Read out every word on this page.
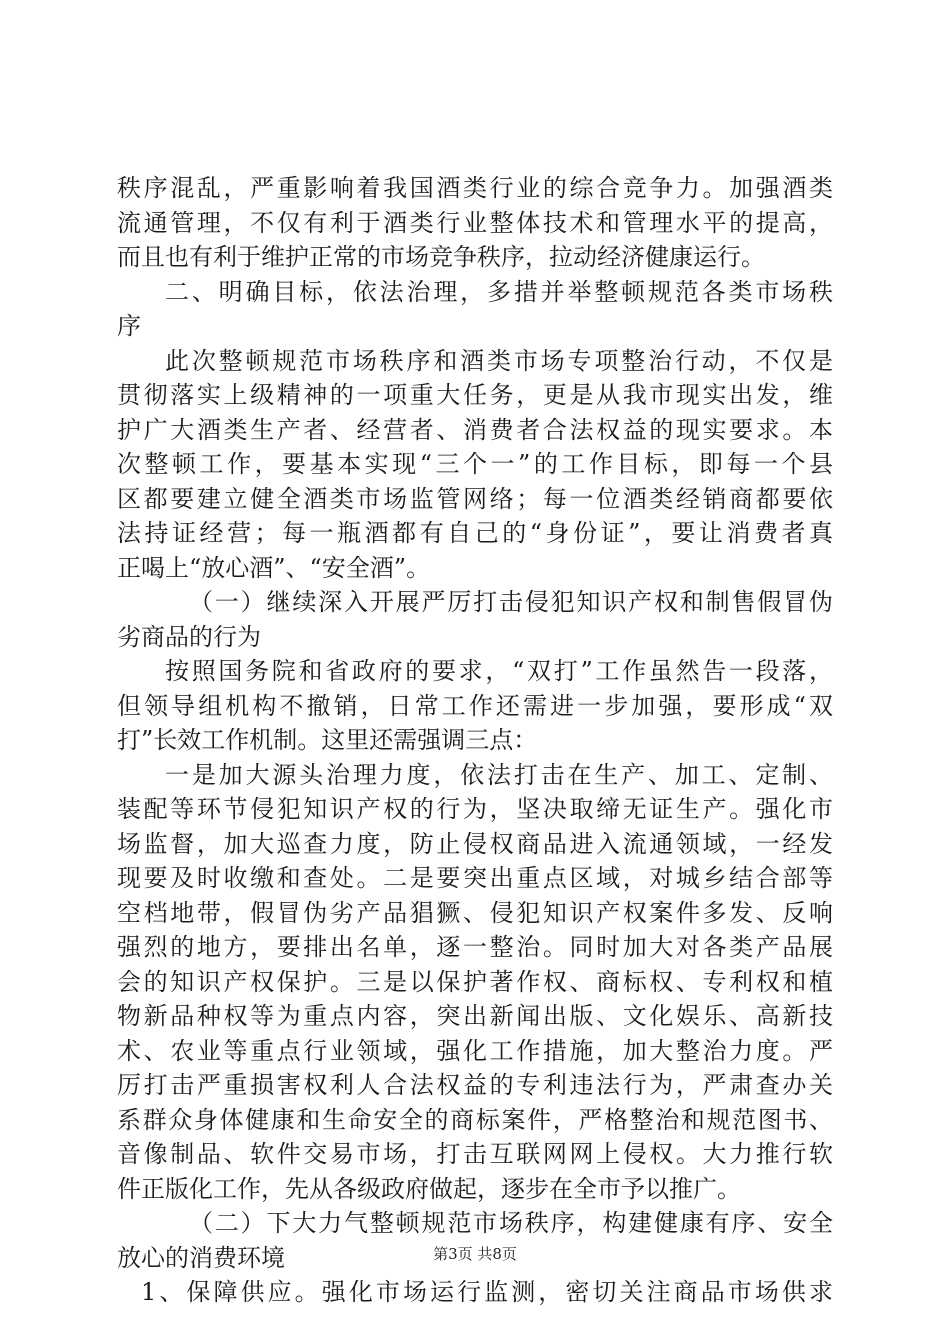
秩序混乱，严重影响着我国酒类行业的综合竞争力。加强酒类
流通管理，不仅有利于酒类行业整体技术和管理水平的提高，
而且也有利于维护正常的市场竞争秩序，拉动经济健康运行。
二、明确目标，依法治理，多措并举整顿规范各类市场秩
序
此次整顿规范市场秩序和酒类市场专项整治行动，不仅是
贯彻落实上级精神的一项重大任务，更是从我市现实出发，维
护广大酒类生产者、经营者、消费者合法权益的现实要求。本
次整顿工作，要基本实现“三个一”的工作目标，即每一个县
区都要建立健全酒类市场监管网络；每一位酒类经销商都要依
法持证经营；每一瓶酒都有自己的“身份证”，要让消费者真
正喝上“放心酒”、“安全酒”。
（一）继续深入开展严厉打击侵犯知识产权和制售假冒伪
劣商品的行为
按照国务院和省政府的要求，“双打”工作虽然告一段落，
但领导组机构不撤销，日常工作还需进一步加强，要形成“双
打”长效工作机制。这里还需强调三点：
一是加大源头治理力度，依法打击在生产、加工、定制、
装配等环节侵犯知识产权的行为，坚决取缔无证生产。强化市
场监督，加大巡查力度，防止侵权商品进入流通领域，一经发
现要及时收缴和查处。二是要突出重点区域，对城乡结合部等
空档地带，假冒伪劣产品猖獗、侵犯知识产权案件多发、反响
强烈的地方，要排出名单，逐一整治。同时加大对各类产品展
会的知识产权保护。三是以保护著作权、商标权、专利权和植
物新品种权等为重点内容，突出新闻出版、文化娱乐、高新技
术、农业等重点行业领域，强化工作措施，加大整治力度。严
厉打击严重损害权利人合法权益的专利违法行为，严肃查办关
系群众身体健康和生命安全的商标案件，严格整治和规范图书、
音像制品、软件交易市场，打击互联网网上侵权。大力推行软
件正版化工作，先从各级政府做起，逐步在全市予以推广。
（二）下大力气整顿规范市场秩序，构建健康有序、安全
放心的消费环境
1、保障供应。强化市场运行监测，密切关注商品市场供求
第3页 共8页
